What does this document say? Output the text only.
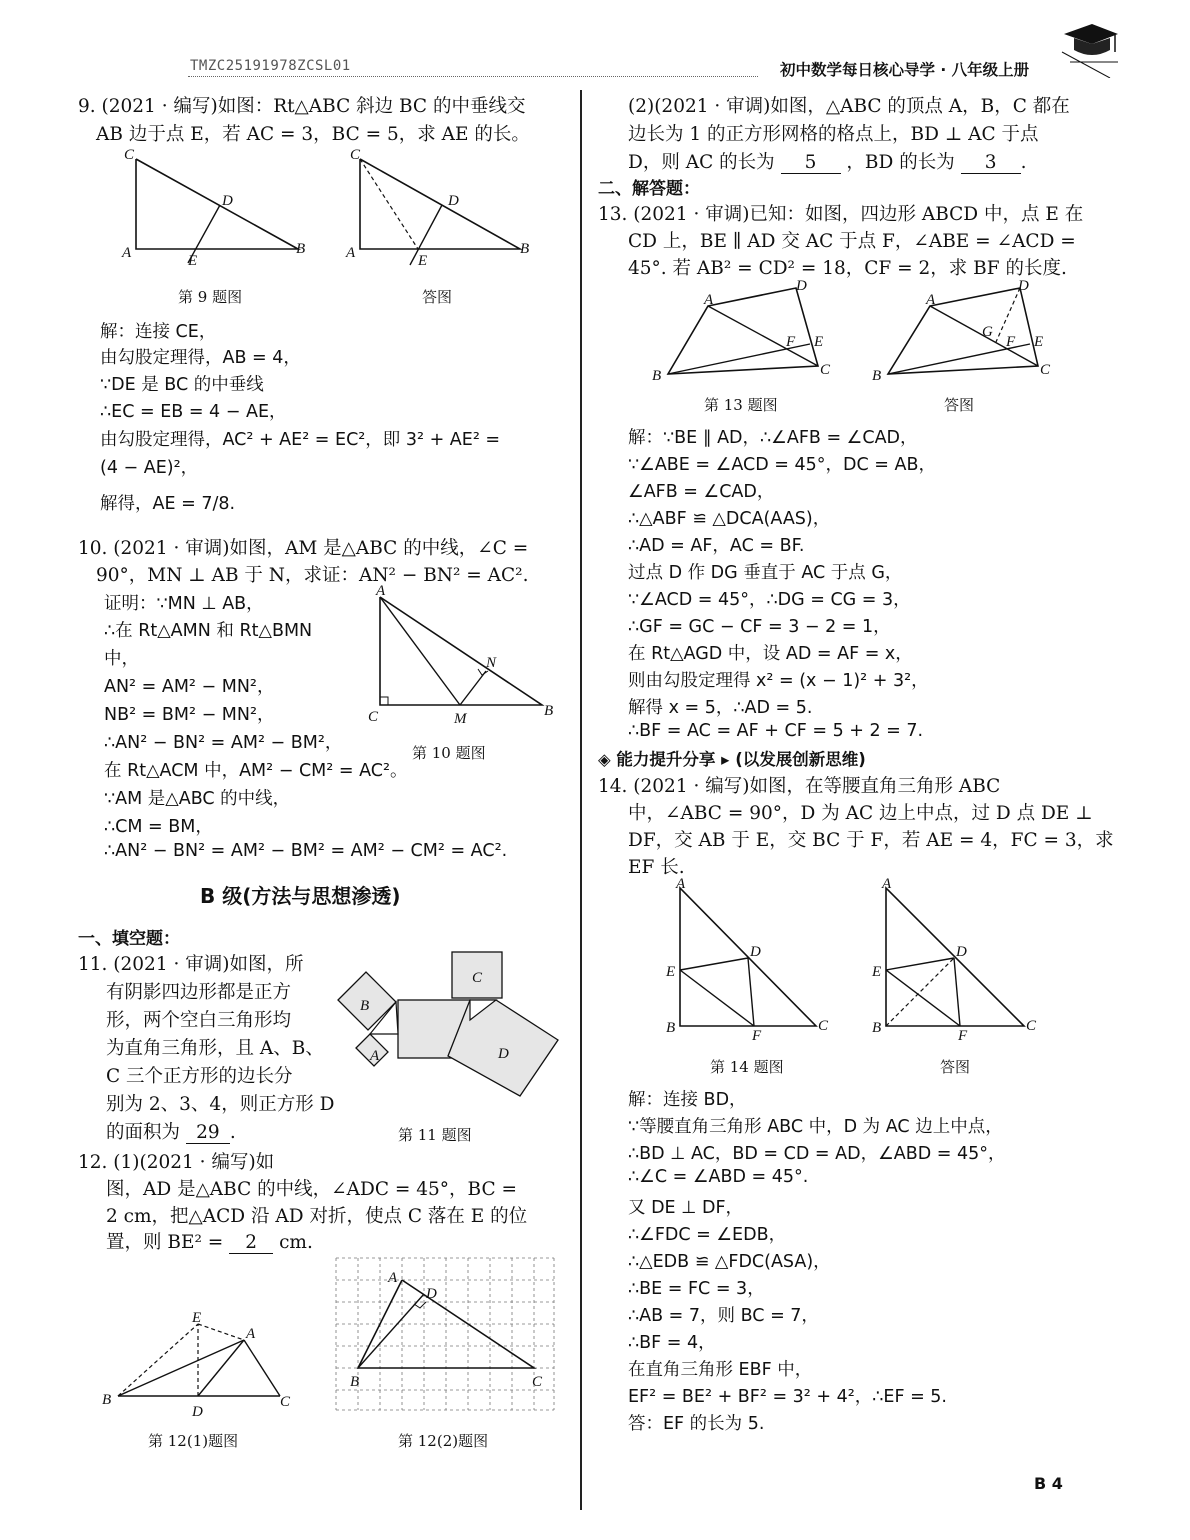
TMZC25191978ZCSL01	初中数学每日核心导学 · 八年级上册
9. (2021 · 编写)如图：Rt△ABC 斜边 BC 的中垂线交
AB 边于点 E，若 AC = 3，BC = 5，求 AE 的长。
C
A	B
D
E
C
A	B
D
E
第 9 题图	答图
解：连接 CE，
由勾股定理得，AB = 4，
∵DE 是 BC 的中垂线
∴EC = EB = 4 − AE，
由勾股定理得，AC² + AE² = EC²，即 3² + AE² =
(4 − AE)²，
解得，AE = 7/8.
10. (2021 · 审调)如图，AM 是△ABC 的中线，∠C =
90°，MN ⊥ AB 于 N，求证：AN² − BN² = AC².
证明：∵MN ⊥ AB，
∴在 Rt△AMN 和 Rt△BMN
中，
AN² = AM² − MN²，
NB² = BM² − MN²，
∴AN² − BN² = AM² − BM²，
在 Rt△ACM 中，AM² − CM² = AC²。
∵AM 是△ABC 的中线，
∴CM = BM，
∴AN² − BN² = AM² − BM² = AM² − CM² = AC².
A
C	M	B
N
第 10 题图
B 级(方法与思想渗透)
一、填空题：
11. (2021 · 审调)如图，所
有阴影四边形都是正方
形，两个空白三角形均
为直角三角形，且 A、B、
C 三个正方形的边长分
别为 2、3、4，则正方形 D
的面积为 29 .
C
B
A	D
第 11 题图
12. (1)(2021 · 编写)如
图，AD 是△ABC 的中线，∠ADC = 45°，BC =
2 cm，把△ACD 沿 AD 对折，使点 C 落在 E 的位
置，则 BE² = 2 cm.
E
A
B
D
C
第 12(1)题图
A
D
B	C
第 12(2)题图
(2)(2021 · 审调)如图，△ABC 的顶点 A，B，C 都在
边长为 1 的正方形网格的格点上，BD ⊥ AC 于点
D，则 AC 的长为 5 ，BD 的长为 3 .
二、解答题：
13. (2021 · 审调)已知：如图，四边形 ABCD 中，点 E 在
CD 上，BE ∥ AD 交 AC 于点 F，∠ABE = ∠ACD =
45°. 若 AB² = CD² = 18，CF = 2，求 BF 的长度.
A
D
E
F
B	C
A
D
G
E
F
B	C
第 13 题图	答图
解：∵BE ∥ AD，∴∠AFB = ∠CAD，
∵∠ABE = ∠ACD = 45°，DC = AB，
∠AFB = ∠CAD，
∴△ABF ≌ △DCA(AAS)，
∴AD = AF，AC = BF.
过点 D 作 DG 垂直于 AC 于点 G，
∵∠ACD = 45°，∴DG = CG = 3，
∴GF = GC − CF = 3 − 2 = 1，
在 Rt△AGD 中，设 AD = AF = x，
则由勾股定理得 x² = (x − 1)² + 3²，
解得 x = 5，∴AD = 5.
∴BF = AC = AF + CF = 5 + 2 = 7.
◈ 能力提升分享 ▸ (以发展创新思维)
14. (2021 · 编写)如图，在等腰直角三角形 ABC
中，∠ABC = 90°，D 为 AC 边上中点，过 D 点 DE ⊥
DF，交 AB 于 E，交 BC 于 F，若 AE = 4，FC = 3，求
EF 长.
A
D
E
B	F
C
A
D
E
B	F
C
第 14 题图	答图
解：连接 BD，
∵等腰直角三角形 ABC 中，D 为 AC 边上中点，
∴BD ⊥ AC，BD = CD = AD，∠ABD = 45°，
∴∠C = ∠ABD = 45°.
又 DE ⊥ DF，
∴∠FDC = ∠EDB，
∴△EDB ≌ △FDC(ASA)，
∴BE = FC = 3，
∴AB = 7，则 BC = 7，
∴BF = 4，
在直角三角形 EBF 中，
EF² = BE² + BF² = 3² + 4²，∴EF = 5.
答：EF 的长为 5.
B 4
